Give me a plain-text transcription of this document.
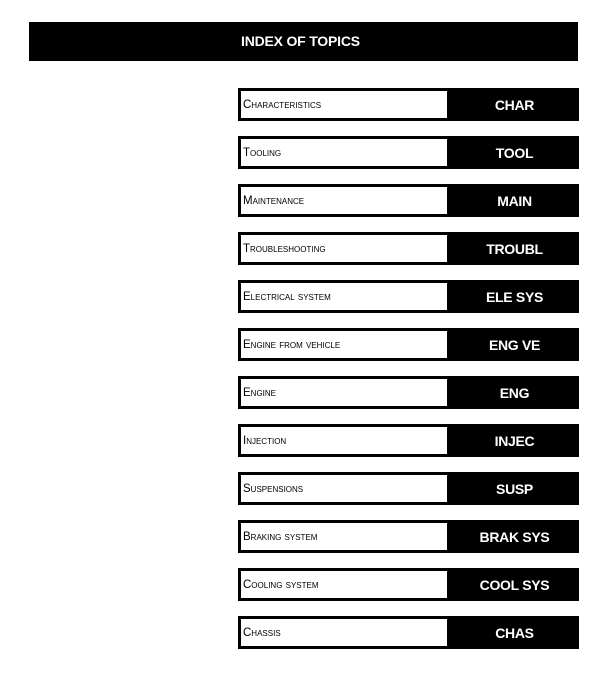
INDEX OF TOPICS
Characteristics	CHAR
Tooling	TOOL
Maintenance	MAIN
Troubleshooting	TROUBL
Electrical system	ELE SYS
Engine from vehicle	ENG VE
Engine	ENG
Injection	INJEC
Suspensions	SUSP
Braking system	BRAK SYS
Cooling system	COOL SYS
Chassis	CHAS
